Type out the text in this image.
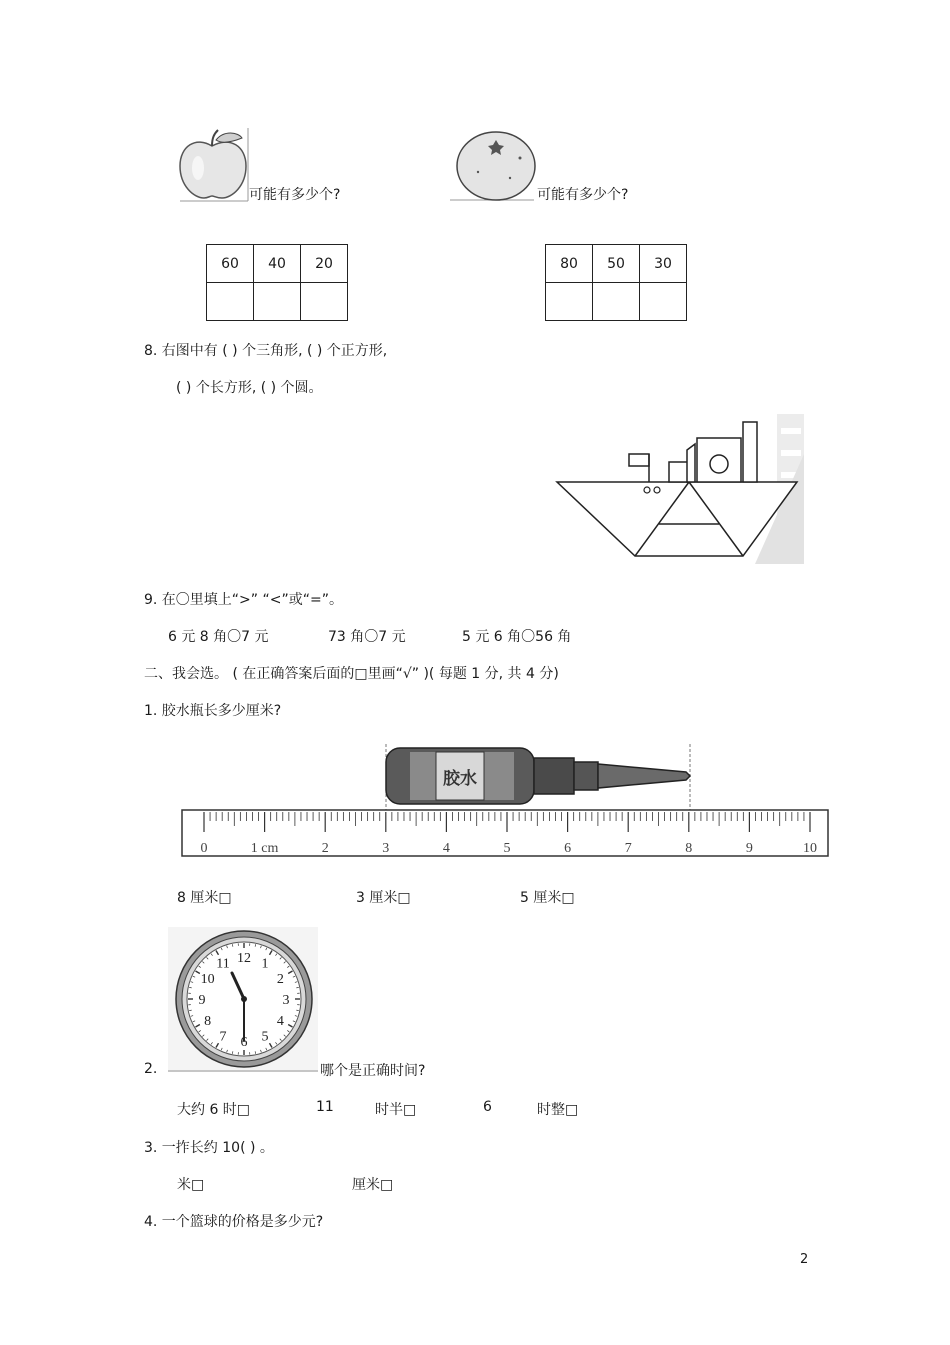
可能有多少个?	可能有多少个?
60	40	20
			80	50	30

8. 右图中有 ( ) 个三角形, ( ) 个正方形,
( ) 个长方形, ( ) 个圆。
9. 在〇里填上“>” “<”或“=”。
6 元 8 角〇7 元	73 角〇7 元	5 元 6 角〇56 角
二、我会选。 ( 在正确答案后面的□里画“√” )( 每题 1 分, 共 4 分)
1. 胶水瓶长多少厘米?
胶水
0	1 cm	2	3	4	5	6	7	8	9	10
8 厘米□	3 厘米□	5 厘米□
12 1
2
3
4
5
6
7
8
9
10
11
2.	哪个是正确时间?
大约 6 时□	11	时半□	6	时整□
3. 一拃长约 10( ) 。
米□	厘米□
4. 一个篮球的价格是多少元?
2
